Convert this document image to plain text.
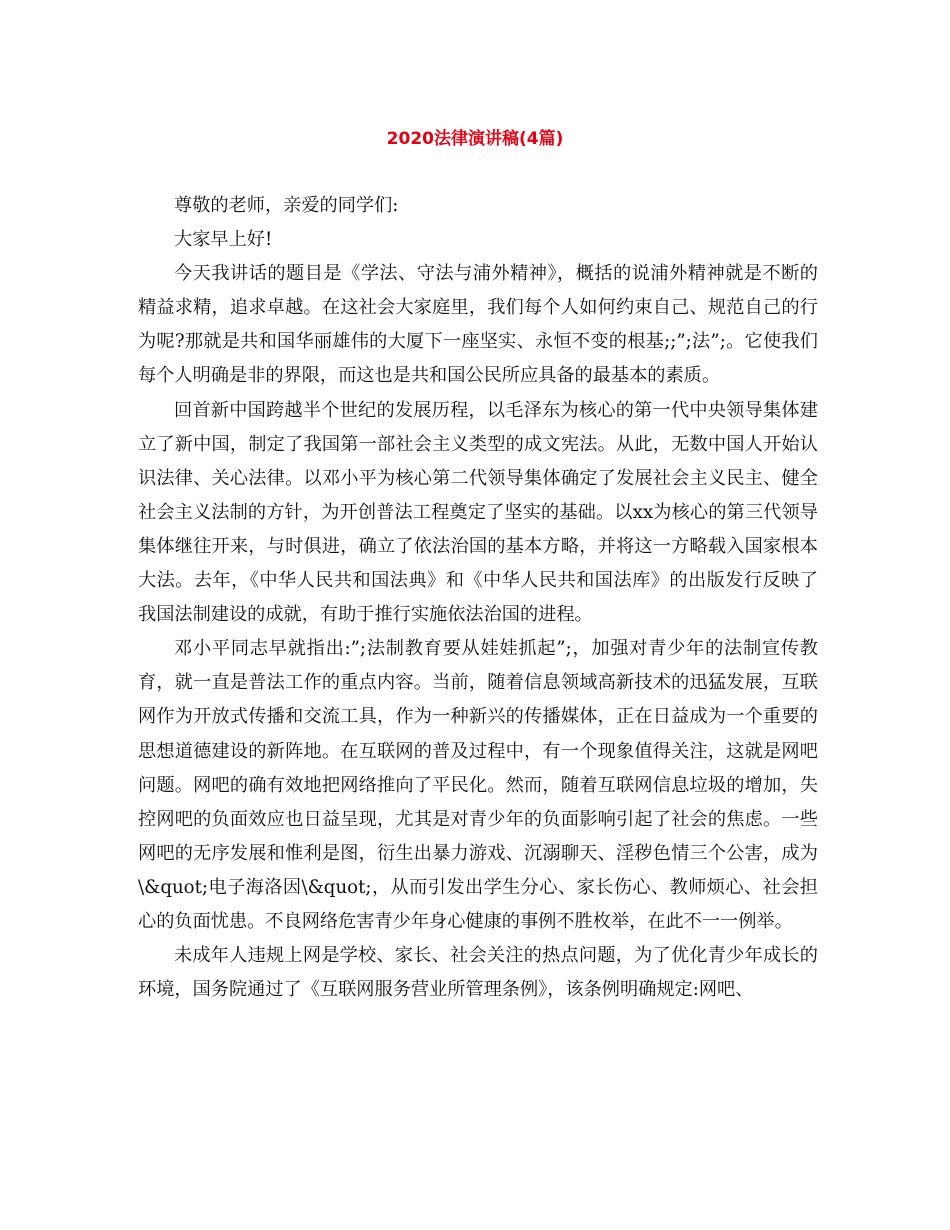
2020法律演讲稿(4篇)

尊敬的老师，亲爱的同学们:

大家早上好!

今天我讲话的题目是《学法、守法与浦外精神》，概括的说浦外精神就是不断的精益求精，追求卓越。在这社会大家庭里，我们每个人如何约束自己、规范自己的行为呢?那就是共和国华丽雄伟的大厦下一座坚实、永恒不变的根基;;”;法”;。它使我们每个人明确是非的界限，而这也是共和国公民所应具备的最基本的素质。

回首新中国跨越半个世纪的发展历程，以毛泽东为核心的第一代中央领导集体建立了新中国，制定了我国第一部社会主义类型的成文宪法。从此，无数中国人开始认识法律、关心法律。以邓小平为核心第二代领导集体确定了发展社会主义民主、健全社会主义法制的方针，为开创普法工程奠定了坚实的基础。以xx为核心的第三代领导集体继往开来，与时俱进，确立了依法治国的基本方略，并将这一方略载入国家根本大法。去年，《中华人民共和国法典》和《中华人民共和国法库》的出版发行反映了我国法制建设的成就，有助于推行实施依法治国的进程。

邓小平同志早就指出:”;法制教育要从娃娃抓起”;，加强对青少年的法制宣传教育，就一直是普法工作的重点内容。当前，随着信息领域高新技术的迅猛发展，互联网作为开放式传播和交流工具，作为一种新兴的传播媒体，正在日益成为一个重要的思想道德建设的新阵地。在互联网的普及过程中，有一个现象值得关注，这就是网吧问题。网吧的确有效地把网络推向了平民化。然而，随着互联网信息垃圾的增加，失控网吧的负面效应也日益呈现，尤其是对青少年的负面影响引起了社会的焦虑。一些网吧的无序发展和惟利是图，衍生出暴力游戏、沉溺聊天、淫秽色情三个公害，成为\&quot;电子海洛因\&quot;，从而引发出学生分心、家长伤心、教师烦心、社会担心的负面忧患。不良网络危害青少年身心健康的事例不胜枚举，在此不一一例举。

未成年人违规上网是学校、家长、社会关注的热点问题，为了优化青少年成长的环境，国务院通过了《互联网服务营业所管理条例》，该条例明确规定:网吧、
